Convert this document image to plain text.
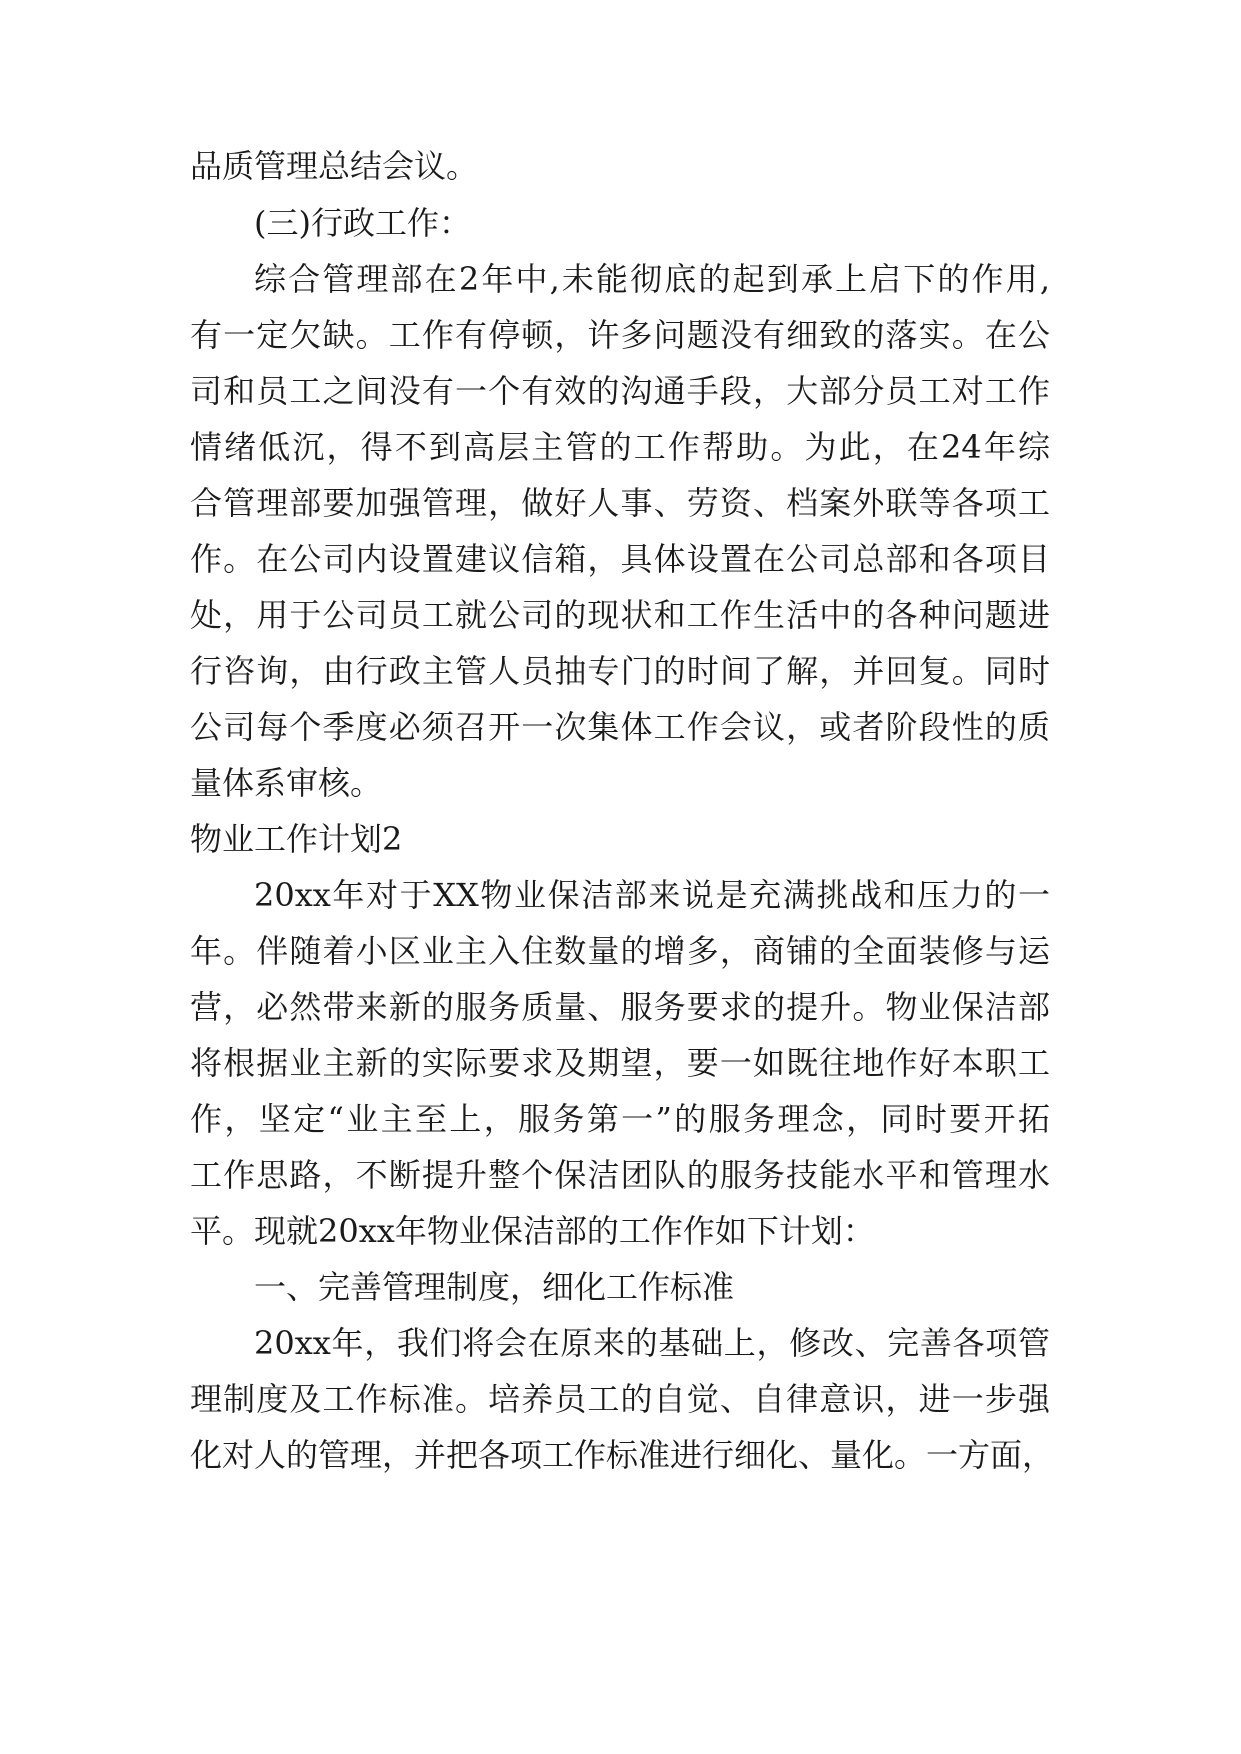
品质管理总结会议。

(三)行政工作：

综合管理部在2年中,未能彻底的起到承上启下的作用,

有一定欠缺。工作有停顿，许多问题没有细致的落实。在公

司和员工之间没有一个有效的沟通手段，大部分员工对工作

情绪低沉，得不到高层主管的工作帮助。为此，在24年综

合管理部要加强管理，做好人事、劳资、档案外联等各项工

作。在公司内设置建议信箱，具体设置在公司总部和各项目

处，用于公司员工就公司的现状和工作生活中的各种问题进

行咨询，由行政主管人员抽专门的时间了解，并回复。同时

公司每个季度必须召开一次集体工作会议，或者阶段性的质

量体系审核。

物业工作计划2

20xx年对于XX物业保洁部来说是充满挑战和压力的一

年。伴随着小区业主入住数量的增多，商铺的全面装修与运

营，必然带来新的服务质量、服务要求的提升。物业保洁部

将根据业主新的实际要求及期望，要一如既往地作好本职工

作，坚定“业主至上，服务第一”的服务理念，同时要开拓

工作思路，不断提升整个保洁团队的服务技能水平和管理水

平。现就20xx年物业保洁部的工作作如下计划：

一、完善管理制度，细化工作标准

20xx年，我们将会在原来的基础上，修改、完善各项管

理制度及工作标准。培养员工的自觉、自律意识，进一步强

化对人的管理，并把各项工作标准进行细化、量化。一方面，
